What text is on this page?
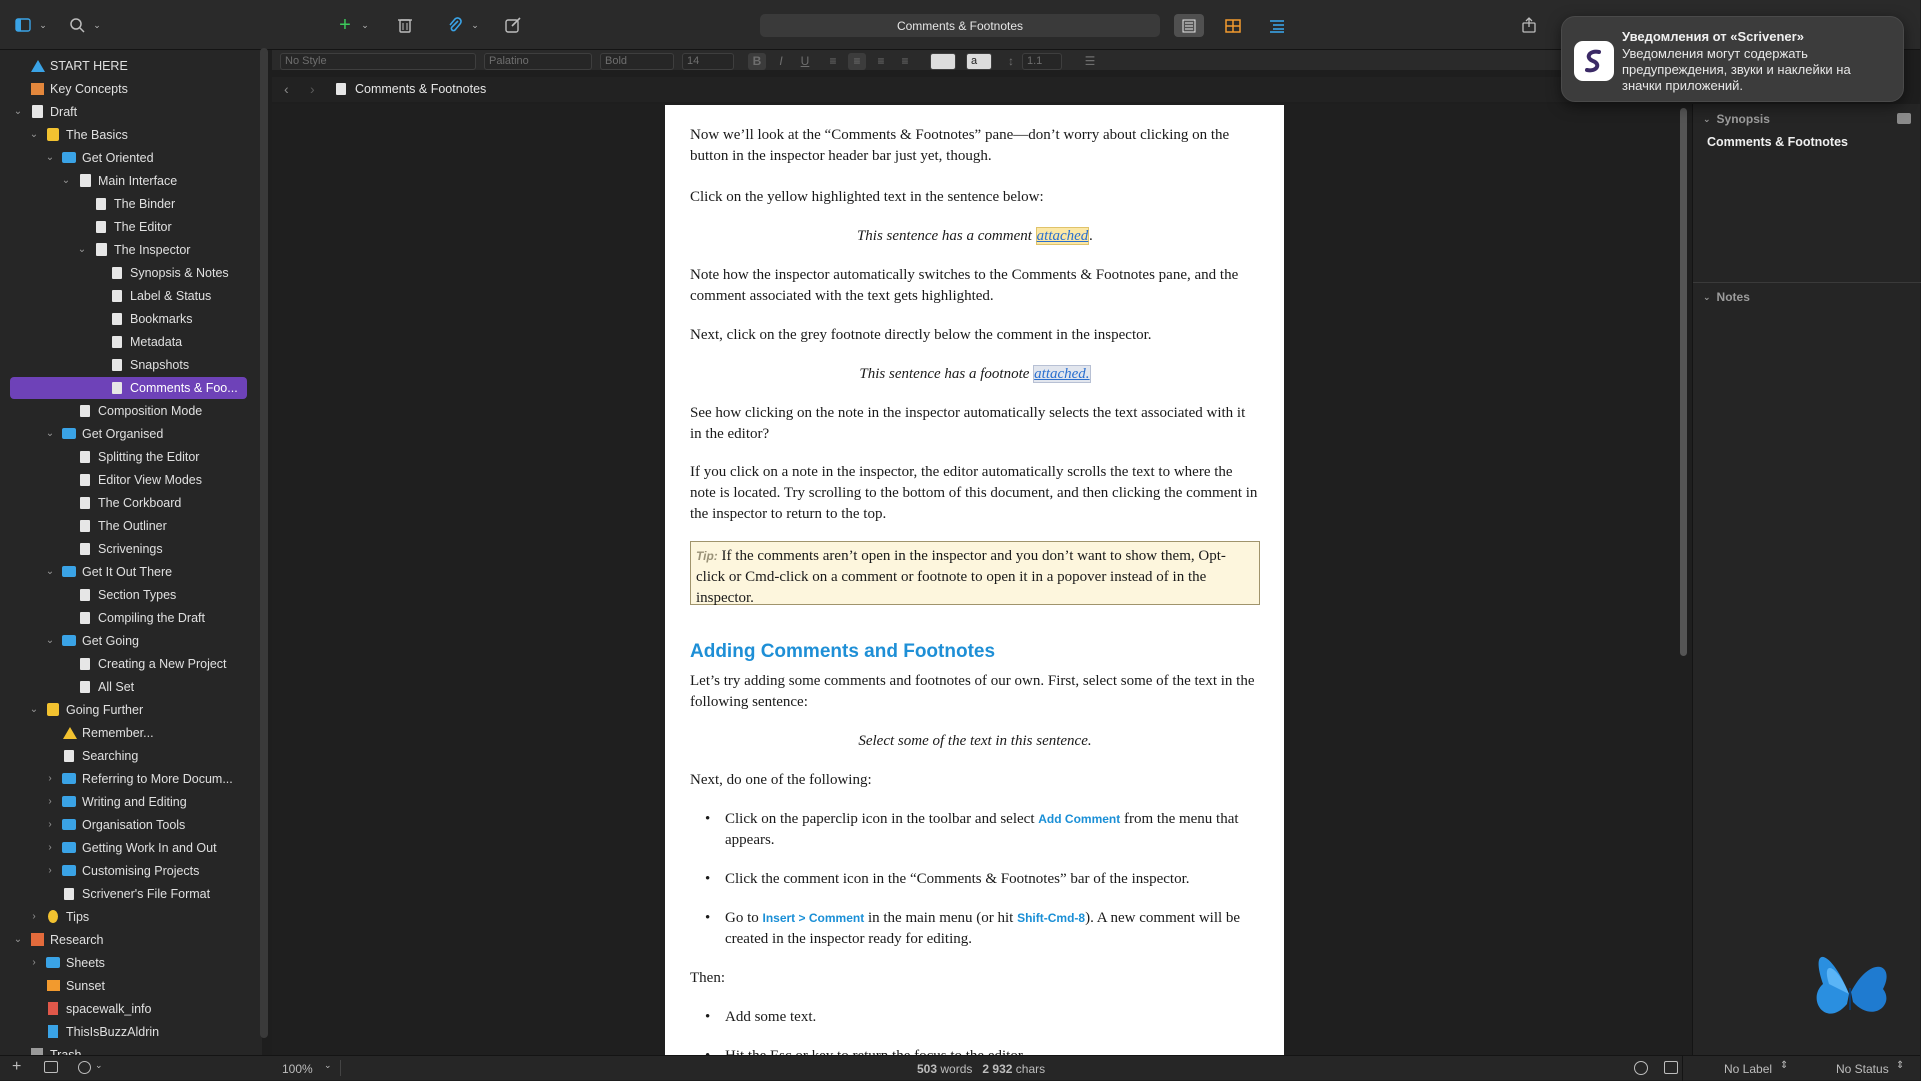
⌄	⌄	+	⌄	⌄	Comments & Footnotes
START HERE
Key Concepts
⌄ Draft
⌄ The Basics
⌄ Get Oriented
⌄ Main Interface
The Binder
The Editor
⌄ The Inspector
Synopsis & Notes
Label & Status
Bookmarks
Metadata
Snapshots
Comments & Foo...
Composition Mode
⌄ Get Organised
Splitting the Editor
Editor View Modes
The Corkboard
The Outliner
Scrivenings
⌄ Get It Out There
Section Types
Compiling the Draft
⌄ Get Going
Creating a New Project
All Set
⌄ Going Further
Remember...
Searching
›	Referring to More Docum...
›	Writing and Editing
›	Organisation Tools
›	Getting Work In and Out
›	Customising Projects
Scrivener's File Format
›	Tips
⌄ Research
›	Sheets
Sunset
spacewalk_info
ThisIsBuzzAldrin
+	⌄
No Style	Palatino	Bold	14	B	I	U	≡	≡	≡	≡	a	↕	1.1	☰
‹ ›	Comments & Footnotes

Now we’ll look at the “Comments & Footnotes” pane—don’t worry about clicking on the button in the inspector header bar just yet, though.

Click on the yellow highlighted text in the sentence below:

This sentence has a comment attached.

Note how the inspector automatically switches to the Comments & Footnotes pane, and the comment associated with the text gets highlighted.

Next, click on the grey footnote directly below the comment in the inspector.

This sentence has a footnote attached.

See how clicking on the note in the inspector automatically selects the text associated with it in the editor?

If you click on a note in the inspector, the editor automatically scrolls the text to where the note is located. Try scrolling to the bottom of this document, and then clicking the comment in the inspector to return to the top.

Tip: If the comments aren’t open in the inspector and you don’t want to show them, Opt-click or Cmd-click on a comment or footnote to open it in a popover instead of in the inspector.
Adding Comments and Footnotes

Let’s try adding some comments and footnotes of our own. First, select some of the text in the following sentence:

Select some of the text in this sentence.

Next, do one of the following:

• Click on the paperclip icon in the toolbar and select Add Comment from the menu that appears.

• Click the comment icon in the “Comments & Footnotes” bar of the inspector.

• Go to Insert > Comment in the main menu (or hit Shift-Cmd-8). A new comment will be created in the inspector ready for editing.

Then:

• Add some text.

⌄ Synopsis
Comments & Footnotes
⌄ Notes
100% ⌄	503 words 2 932 chars	No Label ⇕	No Status ⇕
Уведомления от «Scrivener»
Уведомления могут содержать предупреждения, звуки и наклейки на значки приложений.
